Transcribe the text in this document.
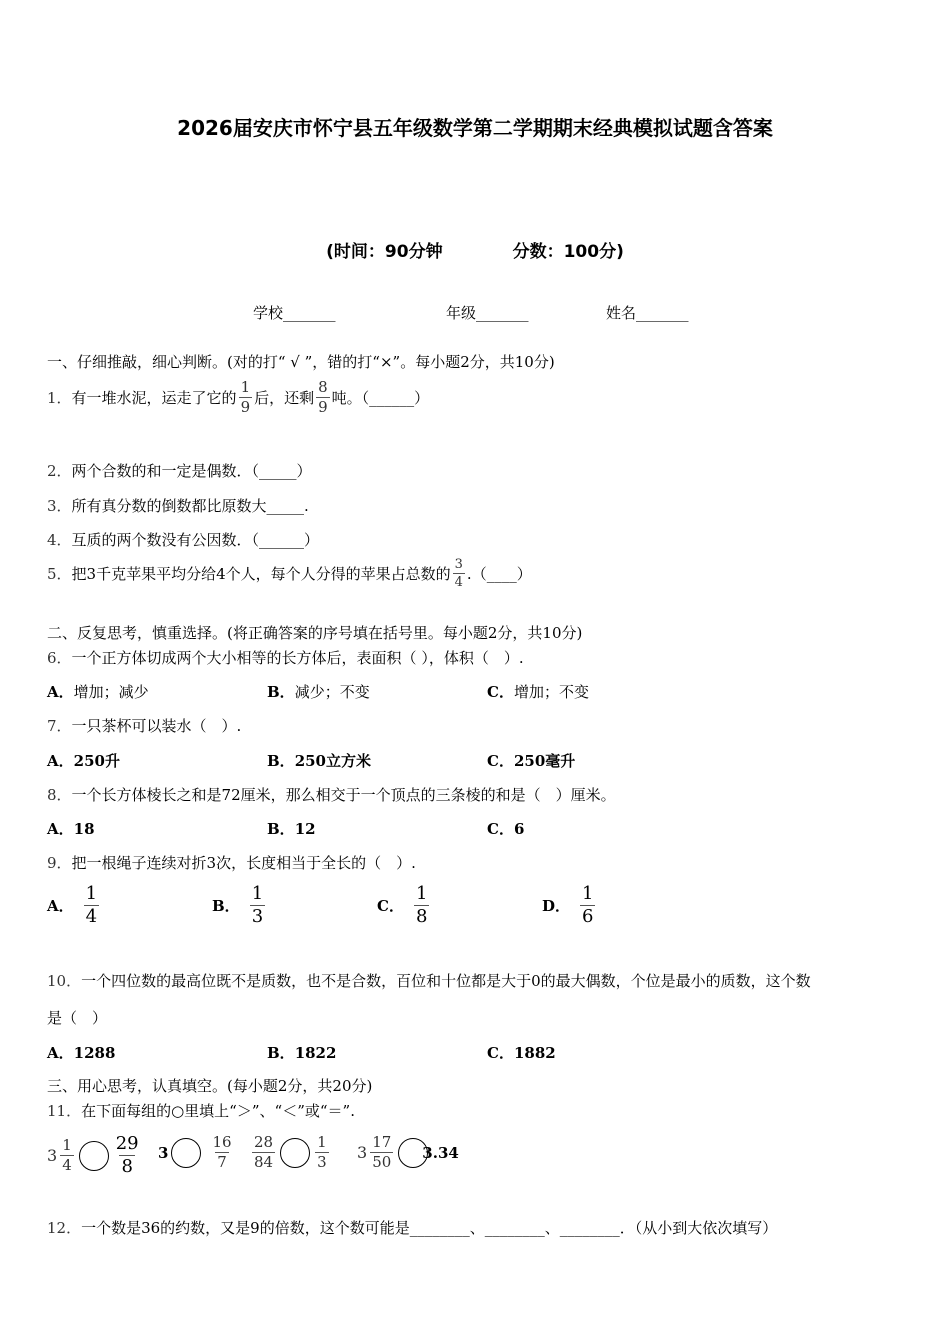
2026届安庆市怀宁县五年级数学第二学期期末经典模拟试题含答案
(时间：90分钟	分数：100分)
学校_______	年级_______	姓名_______
一、仔细推敲，细心判断。(对的打“ √ ”，错的打“×”。每小题2分，共10分)
1． 有一堆水泥，运走了它的 $\frac{1}{9}$ 后，还剩 $\frac{8}{9}$ 吨。（______）
2．两个合数的和一定是偶数．（_____）
3．所有真分数的倒数都比原数大_____.
4．互质的两个数没有公因数．（______）
5． 把3千克苹果平均分给4个人，每个人分得的苹果占总数的 $\frac{3}{4}$ .（____）
二、反复思考，慎重选择。(将正确答案的序号填在括号里。每小题2分，共10分)
6．一个正方体切成两个大小相等的长方体后，表面积（ ），体积（　）.
A．增加；减少	B．减少；不变	C．增加；不变
7．一只茶杯可以装水（　）.
A．250升	B．250立方米	C．250毫升
8．一个长方体棱长之和是72厘米，那么相交于一个顶点的三条棱的和是（　）厘米。
A．18	B．12	C．6
9．把一根绳子连续对折3次，长度相当于全长的（　）.
A． $\frac{1}{4}$	B． $\frac{1}{3}$	C． $\frac{1}{8}$	D． $\frac{1}{6}$
10．一个四位数的最高位既不是质数，也不是合数，百位和十位都是大于0的最大偶数，个位是最小的质数，这个数
是（　）
A．1288	B．1822	C．1882
三、用心思考，认真填空。(每小题2分，共20分)
11．在下面每组的○里填上“＞”、“＜”或“＝”.
$3 \frac{1}{4} \frac{29}{8} 3$	$\frac{16}{7} \frac{28}{84}$	$\frac{1}{3} 3 \frac{17}{50} 3.34$
12．一个数是36的约数，又是9的倍数，这个数可能是________、________、________．（从小到大依次填写）
